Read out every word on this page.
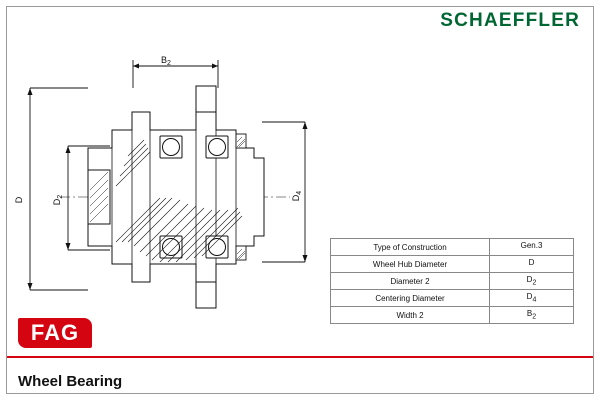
SCHAEFFLER
$B_2$
D	$D_2$	$D_4$
Type of Construction	Gen.3
Wheel Hub Diameter	D
Diameter 2	D2
Centering Diameter	D4
Width 2	B2
FAG
Wheel Bearing
